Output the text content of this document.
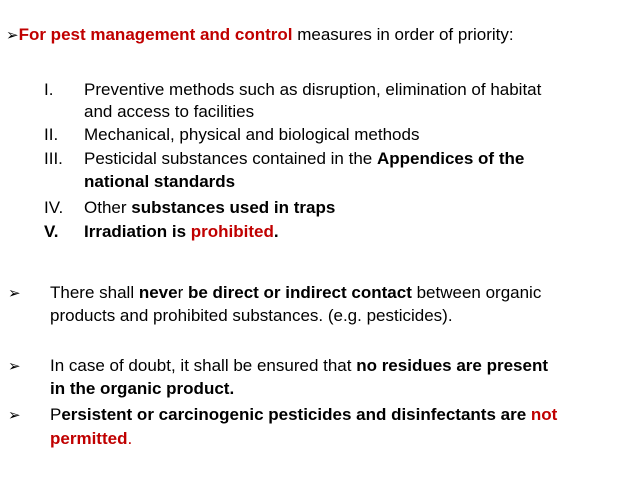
➢For pest management and control measures in order of priority:
I. Preventive methods such as disruption, elimination of habitat
and access to facilities
II. Mechanical, physical and biological methods
III. Pesticidal substances contained in the Appendices of the
national standards
IV. Other substances used in traps
V. Irradiation is prohibited.
➢ There shall never be direct or indirect contact between organic
products and prohibited substances. (e.g. pesticides).
➢ In case of doubt, it shall be ensured that no residues are present
in the organic product.
➢ Persistent or carcinogenic pesticides and disinfectants are not
permitted.
